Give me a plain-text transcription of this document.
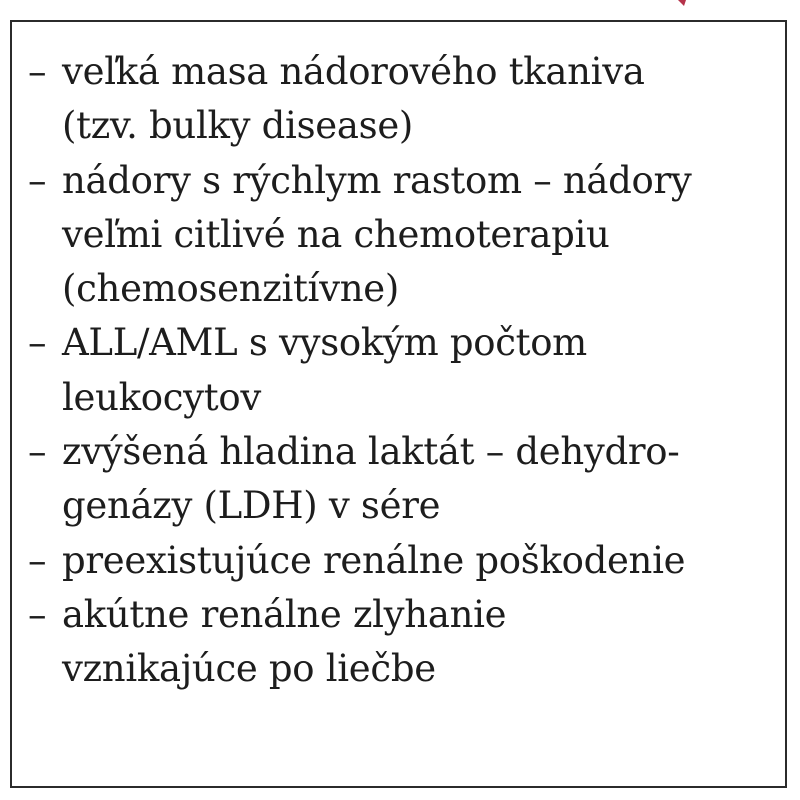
– veľká masa nádorového tkaniva
(tzv. bulky disease)
– nádory s rýchlym rastom – nádory
veľmi citlivé na chemoterapiu
(chemosenzitívne)
– ALL/AML s vysokým počtom
leukocytov
– zvýšená hladina laktát – dehydro-
genázy (LDH) v sére
– preexistujúce renálne poškodenie
– akútne renálne zlyhanie
vznikajúce po liečbe
